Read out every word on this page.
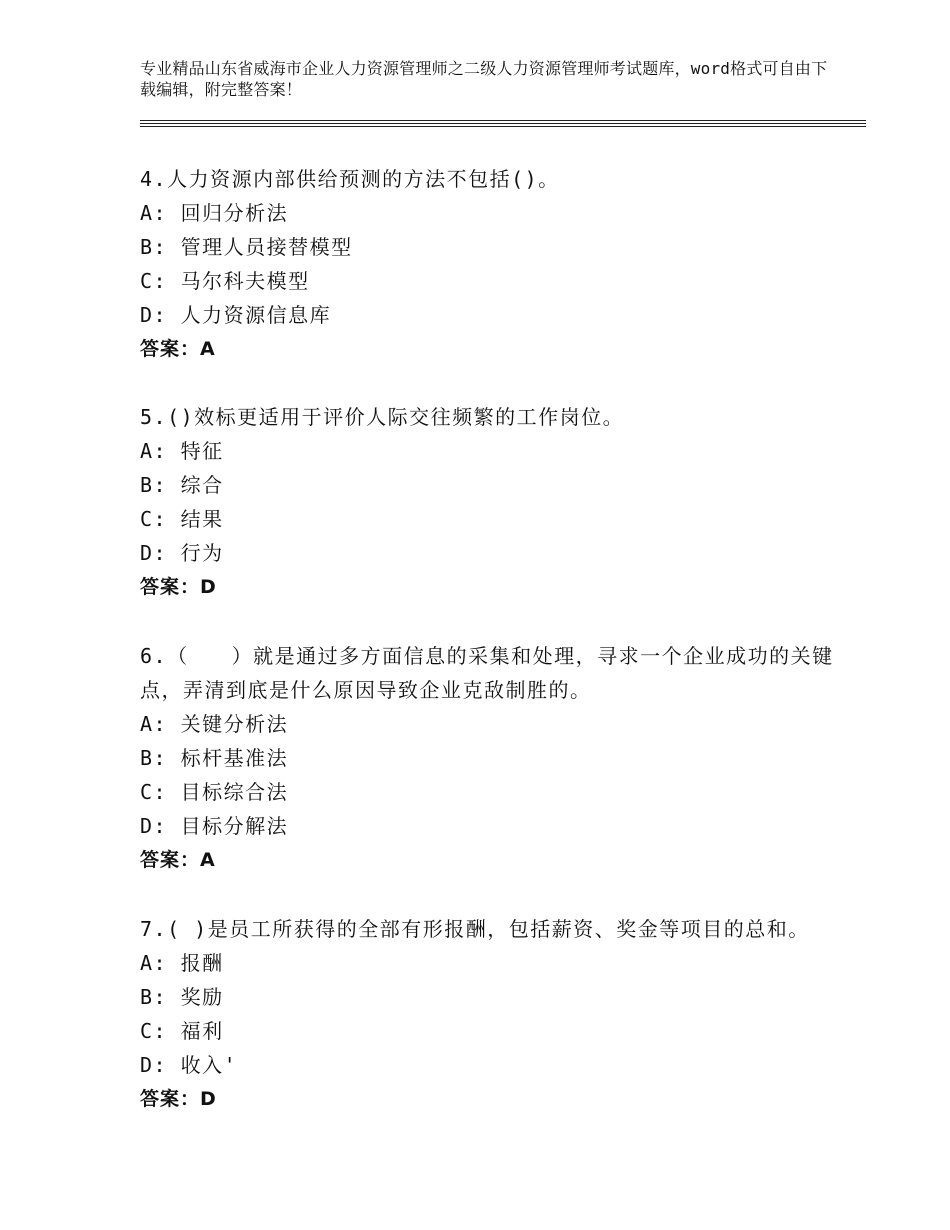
专业精品山东省威海市企业人力资源管理师之二级人力资源管理师考试题库，word格式可自由下载编辑，附完整答案！

4.人力资源内部供给预测的方法不包括()。

A: 回归分析法

B: 管理人员接替模型

C: 马尔科夫模型

D: 人力资源信息库

答案：A

5.()效标更适用于评价人际交往频繁的工作岗位。

A: 特征

B: 综合

C: 结果

D: 行为

答案：D

6.（　　）就是通过多方面信息的采集和处理，寻求一个企业成功的关键点，弄清到底是什么原因导致企业克敌制胜的。

A: 关键分析法

B: 标杆基准法

C: 目标综合法

D: 目标分解法

答案：A

7.( )是员工所获得的全部有形报酬，包括薪资、奖金等项目的总和。

A: 报酬

B: 奖励

C: 福利

D: 收入'

答案：D
